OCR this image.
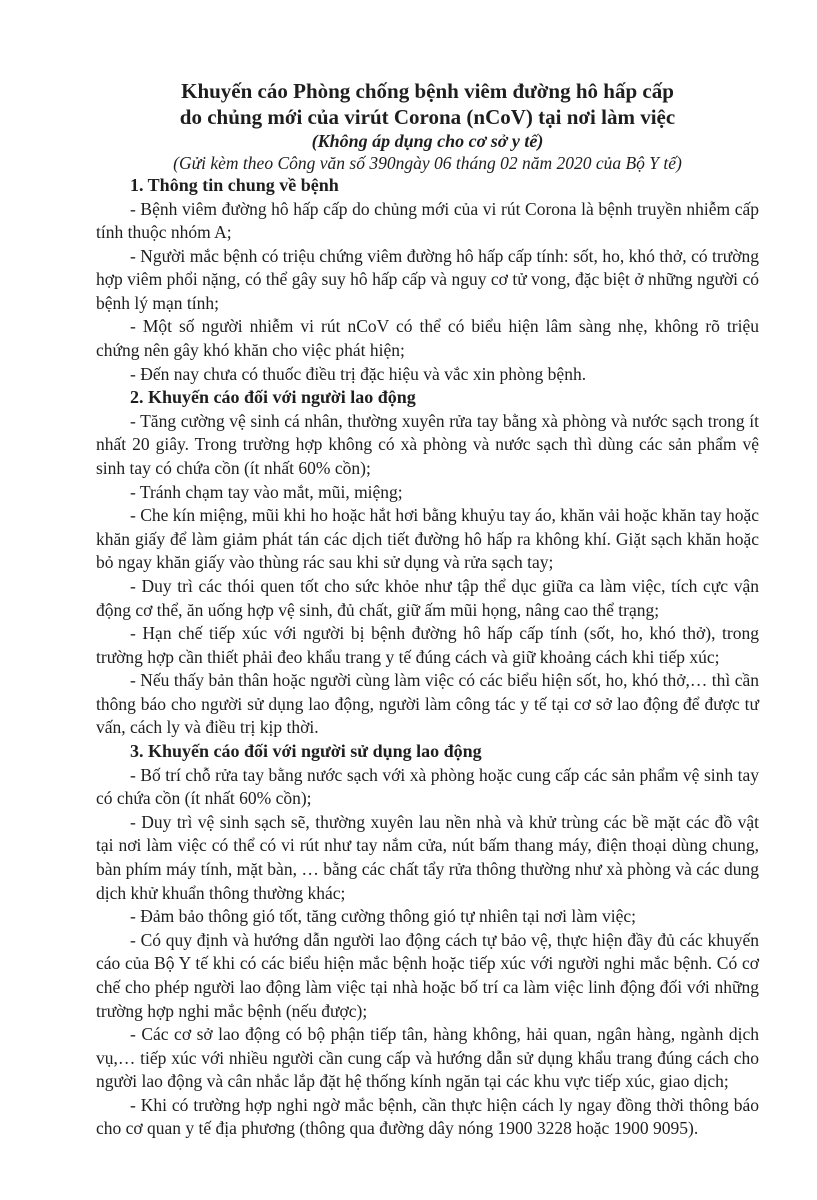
Khuyến cáo Phòng chống bệnh viêm đường hô hấp cấp

do chủng mới của virút Corona (nCoV) tại nơi làm việc

(Không áp dụng cho cơ sở y tế)

(Gửi kèm theo Công văn số 390ngày 06 tháng 02 năm 2020 của Bộ Y tế)

1. Thông tin chung về bệnh

- Bệnh viêm đường hô hấp cấp do chủng mới của vi rút Corona là bệnh truyền nhiễm cấp tính thuộc nhóm A;

- Người mắc bệnh có triệu chứng viêm đường hô hấp cấp tính: sốt, ho, khó thở, có trường hợp viêm phổi nặng, có thể gây suy hô hấp cấp và nguy cơ tử vong, đặc biệt ở những người có bệnh lý mạn tính;

- Một số người nhiễm vi rút nCoV có thể có biểu hiện lâm sàng nhẹ, không rõ triệu chứng nên gây khó khăn cho việc phát hiện;

- Đến nay chưa có thuốc điều trị đặc hiệu và vắc xin phòng bệnh.

2. Khuyến cáo đối với người lao động

- Tăng cường vệ sinh cá nhân, thường xuyên rửa tay bằng xà phòng và nước sạch trong ít nhất 20 giây. Trong trường hợp không có xà phòng và nước sạch thì dùng các sản phẩm vệ sinh tay có chứa cồn (ít nhất 60% cồn);

- Tránh chạm tay vào mắt, mũi, miệng;

- Che kín miệng, mũi khi ho hoặc hắt hơi bằng khuỷu tay áo, khăn vải hoặc khăn tay hoặc khăn giấy để làm giảm phát tán các dịch tiết đường hô hấp ra không khí. Giặt sạch khăn hoặc bỏ ngay khăn giấy vào thùng rác sau khi sử dụng và rửa sạch tay;

- Duy trì các thói quen tốt cho sức khỏe như tập thể dục giữa ca làm việc, tích cực vận động cơ thể, ăn uống hợp vệ sinh, đủ chất, giữ ấm mũi họng, nâng cao thể trạng;

- Hạn chế tiếp xúc với người bị bệnh đường hô hấp cấp tính (sốt, ho, khó thở), trong trường hợp cần thiết phải đeo khẩu trang y tế đúng cách và giữ khoảng cách khi tiếp xúc;

- Nếu thấy bản thân hoặc người cùng làm việc có các biểu hiện sốt, ho, khó thở,… thì cần thông báo cho người sử dụng lao động, người làm công tác y tế tại cơ sở lao động để được tư vấn, cách ly và điều trị kịp thời.

3. Khuyến cáo đối với người sử dụng lao động

- Bố trí chỗ rửa tay bằng nước sạch với xà phòng hoặc cung cấp các sản phẩm vệ sinh tay có chứa cồn (ít nhất 60% cồn);

- Duy trì vệ sinh sạch sẽ, thường xuyên lau nền nhà và khử trùng các bề mặt các đồ vật tại nơi làm việc có thể có vi rút như tay nắm cửa, nút bấm thang máy, điện thoại dùng chung, bàn phím máy tính, mặt bàn, … bằng các chất tẩy rửa thông thường như xà phòng và các dung dịch khử khuẩn thông thường khác;

- Đảm bảo thông gió tốt, tăng cường thông gió tự nhiên tại nơi làm việc;

- Có quy định và hướng dẫn người lao động cách tự bảo vệ, thực hiện đầy đủ các khuyến cáo của Bộ Y tế khi có các biểu hiện mắc bệnh hoặc tiếp xúc với người nghi mắc bệnh. Có cơ chế cho phép người lao động làm việc tại nhà hoặc bố trí ca làm việc linh động đối với những trường hợp nghi mắc bệnh (nếu được);

- Các cơ sở lao động có bộ phận tiếp tân, hàng không, hải quan, ngân hàng, ngành dịch vụ,… tiếp xúc với nhiều người cần cung cấp và hướng dẫn sử dụng khẩu trang đúng cách cho người lao động và cân nhắc lắp đặt hệ thống kính ngăn tại các khu vực tiếp xúc, giao dịch;

- Khi có trường hợp nghi ngờ mắc bệnh, cần thực hiện cách ly ngay đồng thời thông báo cho cơ quan y tế địa phương (thông qua đường dây nóng 1900 3228 hoặc 1900 9095).
